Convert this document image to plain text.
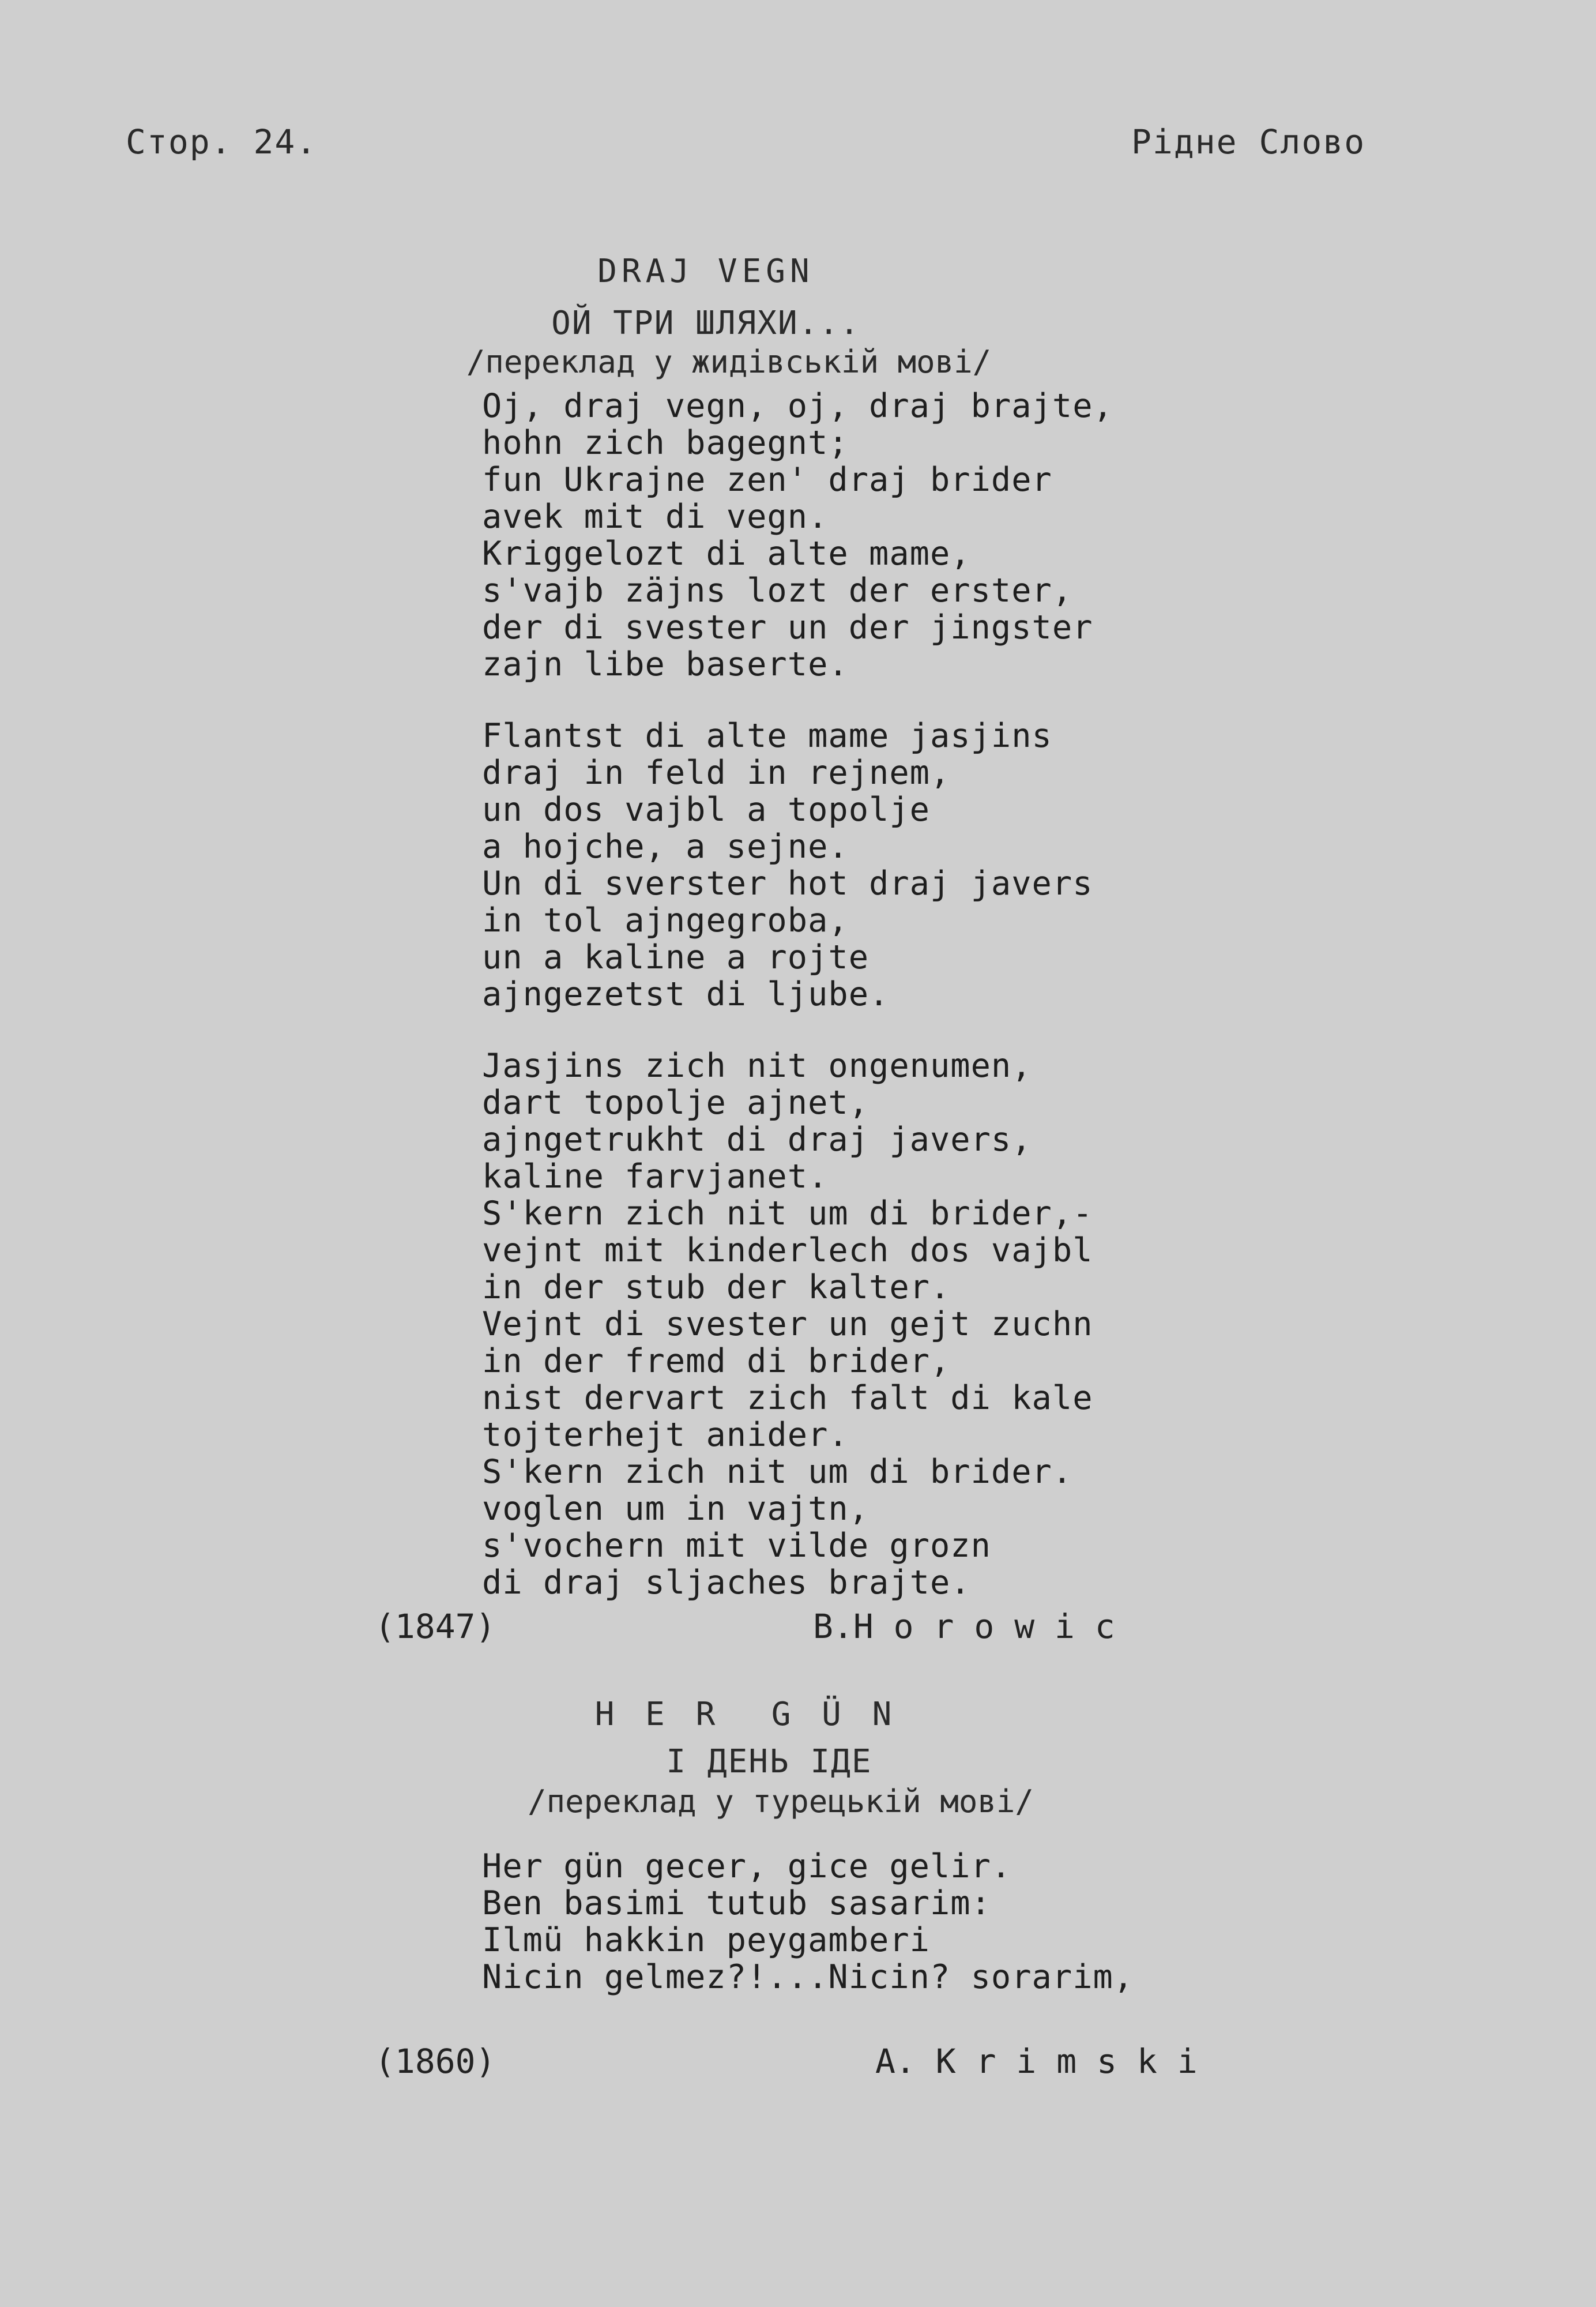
Стор. 24.	Рідне Слово
DRAJ VEGN
ОЙ ТРИ ШЛЯХИ...
/переклад у жидівськiй мові/
Oj, draj vegn, oj, draj brajte,
hohn zich bagegnt;
fun Ukrajne zen' draj brider
avek mit di vegn.
Kriggelozt di alte mame,
s'vajb zäjns lozt der erster,
der di svester un der jingster
zajn libe baserte.
Flantst di alte mame jasjins
draj in feld in rejnem,
un dos vajbl a topolje
a hojche, a sejne.
Un di sverster hot draj javers
in tol ajngegroba,
un a kaline a rojte
ajngezetst di ljube.
Jasjins zich nit ongenumen,
dart topolje ajnet,
ajngetrukht di draj javers,
kaline farvjanet.
S'kern zich nit um di brider,-
vejnt mit kinderlech dos vajbl
in der stub der kalter.
Vejnt di svester un gejt zuchn
in der fremd di brider,
nist dervart zich falt di kale
tojterhejt anider.
S'kern zich nit um di brider.
voglen um in vajtn,
s'vochern mit vilde grozn
di draj sljaches brajte.
(1847)	B.H o r o w i c
H E R  G Ü N
І ДЕНЬ ІДЕ
/переклад у турецькiй мові/
Her gün gecer, gice gelir.
Ben basimi tutub sasarim:
Ilmü hakkin peygamberi
Nicin gelmez?!...Nicin? sorarim,
(1860)	A. K r i m s k i
